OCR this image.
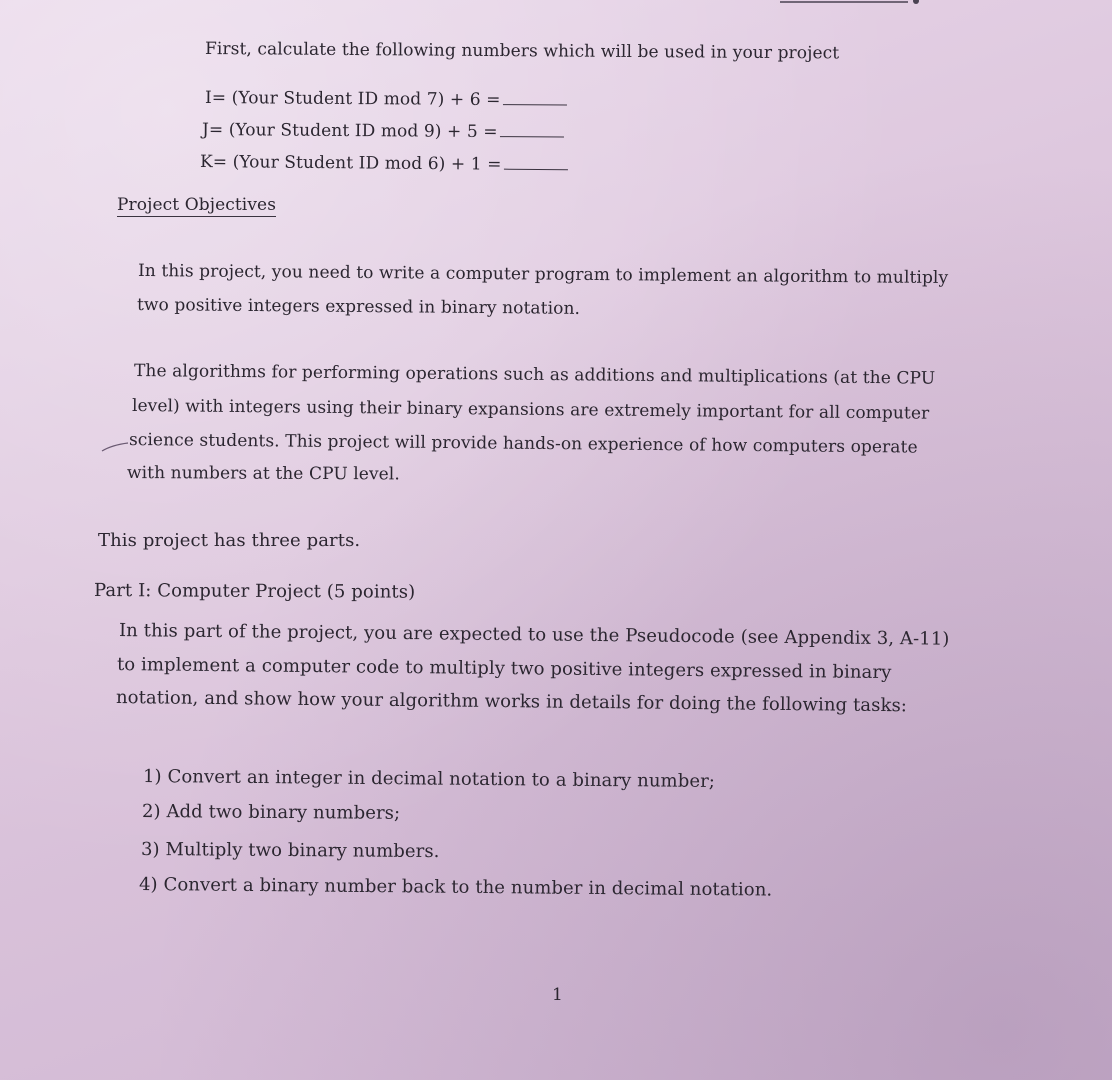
First, calculate the following numbers which will be used in your project
I= (Your Student ID mod 7) + 6 =
J= (Your Student ID mod 9) + 5 =
K= (Your Student ID mod 6) + 1 =
Project Objectives
In this project, you need to write a computer program to implement an algorithm to multiply
two positive integers expressed in binary notation.
The algorithms for performing operations such as additions and multiplications (at the CPU
level) with integers using their binary expansions are extremely important for all computer
science students. This project will provide hands-on experience of how computers operate
with numbers at the CPU level.
This project has three parts.
Part I: Computer Project (5 points)
In this part of the project, you are expected to use the Pseudocode (see Appendix 3, A-11)
to implement a computer code to multiply two positive integers expressed in binary
notation, and show how your algorithm works in details for doing the following tasks:
1) Convert an integer in decimal notation to a binary number;
2) Add two binary numbers;
3) Multiply two binary numbers.
4) Convert a binary number back to the number in decimal notation.
1
